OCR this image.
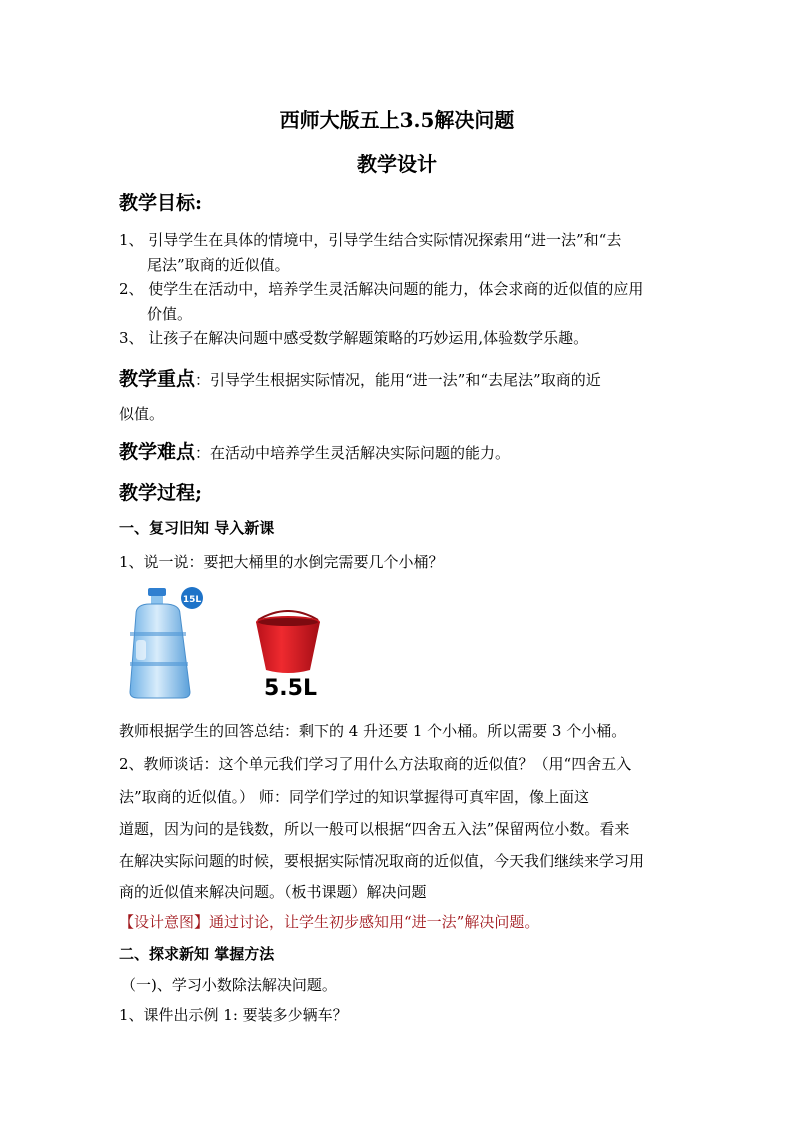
西师大版五上3.5解决问题
教学设计
教学目标:
1、 引导学生在具体的情境中，引导学生结合实际情况探索用“进一法”和“去
尾法”取商的近似值。
2、 使学生在活动中，培养学生灵活解决问题的能力，体会求商的近似值的应用
价值。
3、 让孩子在解决问题中感受数学解题策略的巧妙运用,体验数学乐趣。
教学重点：引导学生根据实际情况，能用“进一法”和“去尾法”取商的近
似值。
教学难点：在活动中培养学生灵活解决实际问题的能力。
教学过程;
一、复习旧知 导入新课
1、说一说：要把大桶里的水倒完需要几个小桶？
15L
5.5L
教师根据学生的回答总结：剩下的 4 升还要 1 个小桶。所以需要 3 个小桶。
2、教师谈话：这个单元我们学习了用什么方法取商的近似值？（用“四舍五入
法”取商的近似值。） 师：同学们学过的知识掌握得可真牢固，像上面这
道题，因为问的是钱数，所以一般可以根据“四舍五入法”保留两位小数。看来
在解决实际问题的时候，要根据实际情况取商的近似值，今天我们继续来学习用
商的近似值来解决问题。（板书课题）解决问题
【设计意图】通过讨论，让学生初步感知用“进一法”解决问题。
二、探求新知 掌握方法
（一)、学习小数除法解决问题。
1、课件出示例 1: 要装多少辆车？
